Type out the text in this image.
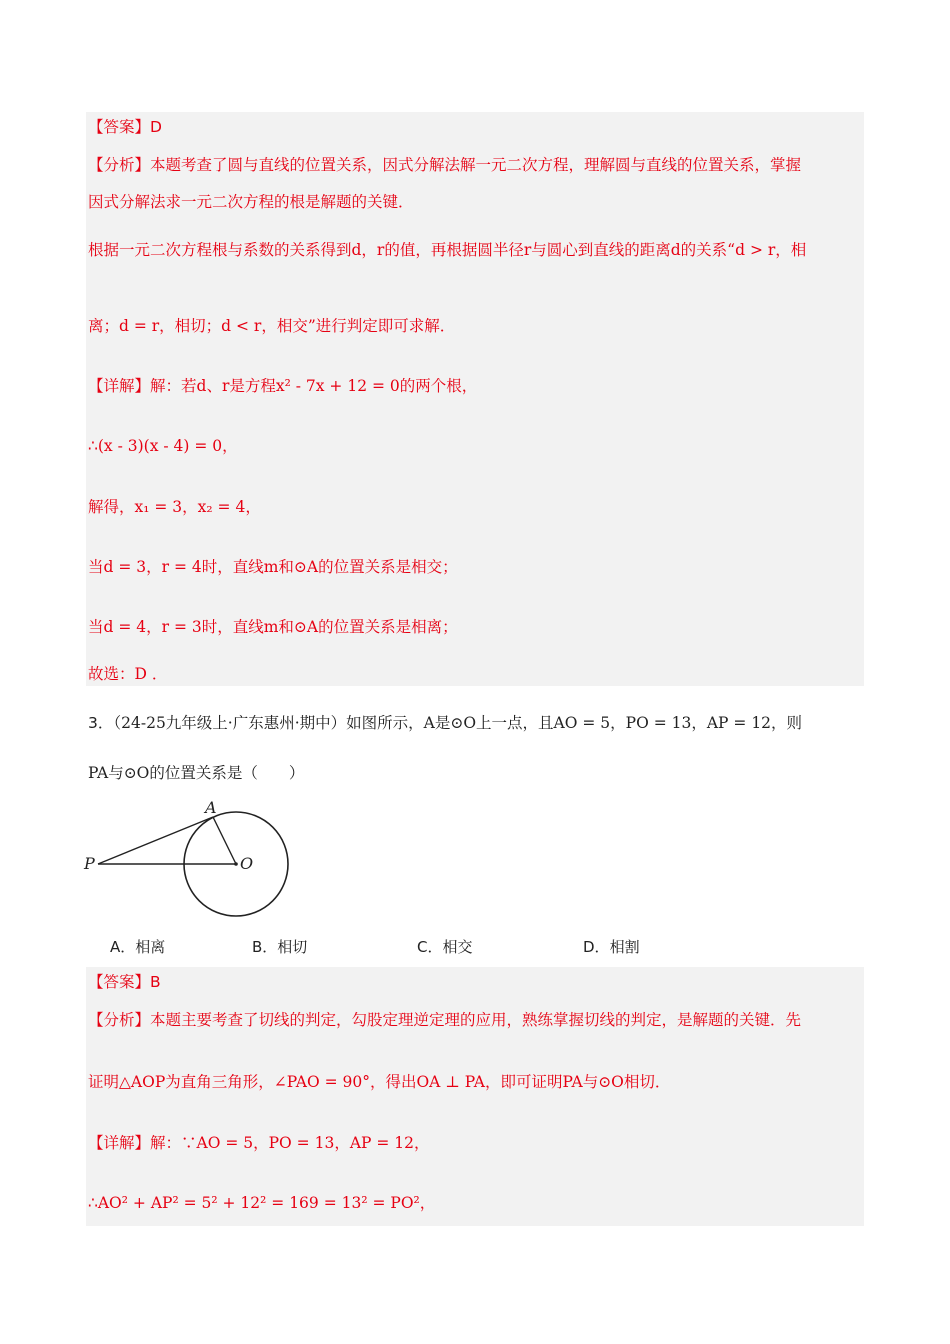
【答案】D
【分析】本题考查了圆与直线的位置关系，因式分解法解一元二次方程，理解圆与直线的位置关系，掌握
因式分解法求一元二次方程的根是解题的关键．
根据一元二次方程根与系数的关系得到d，r的值，再根据圆半径r与圆心到直线的距离d的关系“d > r，相
离；d = r，相切；d < r，相交”进行判定即可求解．
【详解】解：若d、r是方程x² - 7x + 12 = 0的两个根，
∴(x - 3)(x - 4) = 0，
解得，x₁ = 3，x₂ = 4，
当d = 3，r = 4时，直线m和⊙A的位置关系是相交；
当d = 4，r = 3时，直线m和⊙A的位置关系是相离；
故选：D ．
3．（24-25九年级上·广东惠州·期中）如图所示，A是⊙O上一点，且AO = 5，PO = 13，AP = 12，则
PA与⊙O的位置关系是（　　）
A
O
P
A．相离	B．相切	C．相交	D．相割
【答案】B
【分析】本题主要考查了切线的判定，勾股定理逆定理的应用，熟练掌握切线的判定，是解题的关键．先
证明△AOP为直角三角形，∠PAO = 90°，得出OA ⊥ PA，即可证明PA与⊙O相切．
【详解】解：∵AO = 5，PO = 13，AP = 12，
∴AO² + AP² = 5² + 12² = 169 = 13² = PO²，
